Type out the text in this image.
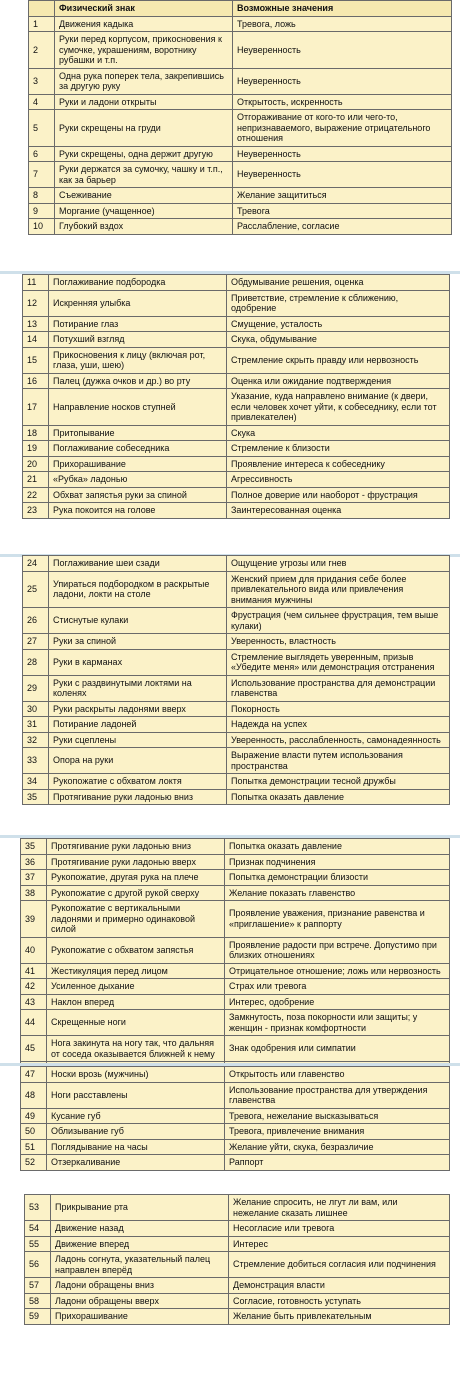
	Физический знак	Возможные значения
1	Движения кадыка	Тревога, ложь
2	Руки перед корпусом, прикосновения к сумочке, украшениям, воротнику рубашки и т.п.	Неуверенность
3	Одна рука поперек тела, закрепившись за другую руку	Неуверенность
4	Руки и ладони открыты	Открытость, искренность
5	Руки скрещены на груди	Отгораживание от кого-то или чего-то, непризнаваемого, выражение отрицательного отношения
6	Руки скрещены, одна держит другую	Неуверенность
7	Руки держатся за сумочку, чашку и т.п., как за барьер	Неуверенность
8	Съеживание	Желание защититься
9	Моргание (учащенное)	Тревога
10	Глубокий вздох	Расслабление, согласие
11	Поглаживание подбородка	Обдумывание решения, оценка
12	Искренняя улыбка	Приветствие, стремление к сближению, одобрение
13	Потирание глаз	Смущение, усталость
14	Потухший взгляд	Скука, обдумывание
15	Прикосновения к лицу (включая рот, глаза, уши, шею)	Стремление скрыть правду или нервозность
16	Палец (дужка очков и др.) во рту	Оценка или ожидание подтверждения
17	Направление носков ступней	Указание, куда направлено внимание (к двери, если человек хочет уйти, к собеседнику, если тот привлекателен)
18	Притопывание	Скука
19	Поглаживание собеседника	Стремление к близости
20	Прихорашивание	Проявление интереса к собеседнику
21	«Рубка» ладонью	Агрессивность
22	Обхват запястья руки за спиной	Полное доверие или наоборот - фрустрация
23	Рука покоится на голове	Заинтересованная оценка
24	Поглаживание шеи сзади	Ощущение угрозы или гнев
25	Упираться подбородком в раскрытые ладони, локти на столе	Женский прием для придания себе более привлекательного вида или привлечения внимания мужчины
26	Стиснутые кулаки	Фрустрация (чем сильнее фрустрация, тем выше кулаки)
27	Руки за спиной	Уверенность, властность
28	Руки в карманах	Стремление выглядеть уверенным, призыв «Убедите меня» или демонстрация отстранения
29	Руки с раздвинутыми локтями на коленях	Использование пространства для демонстрации главенства
30	Руки раскрыты ладонями вверх	Покорность
31	Потирание ладоней	Надежда на успех
32	Руки сцеплены	Уверенность, расслабленность, самонадеянность
33	Опора на руки	Выражение власти путем использования пространства
34	Рукопожатие с обхватом локтя	Попытка демонстрации тесной дружбы
35	Протягивание руки ладонью вниз	Попытка оказать давление
35	Протягивание руки ладонью вниз	Попытка оказать давление
36	Протягивание руки ладонью вверх	Признак подчинения
37	Рукопожатие, другая рука на плече	Попытка демонстрации близости
38	Рукопожатие с другой рукой сверху	Желание показать главенство
39	Рукопожатие с вертикальными ладонями и примерно одинаковой силой	Проявление уважения, признание равенства и «приглашение» к раппорту
40	Рукопожатие с обхватом запястья	Проявление радости при встрече. Допустимо при близких отношениях
41	Жестикуляция перед лицом	Отрицательное отношение; ложь или нервозность
42	Усиленное дыхание	Страх или тревога
43	Наклон вперед	Интерес, одобрение
44	Скрещенные ноги	Замкнутость, поза покорности или защиты; у женщин - признак комфортности
45	Нога закинута на ногу так, что дальняя от соседа оказывается ближней к нему	Знак одобрения или симпатии

47	Носки врозь (мужчины)	Открытость или главенство
48	Ноги расставлены	Использование пространства для утверждения главенства
49	Кусание губ	Тревога, нежелание высказываться
50	Облизывание губ	Тревога, привлечение внимания
51	Поглядывание на часы	Желание уйти, скука, безразличие
52	Отзеркаливание	Раппорт
53	Прикрывание рта	Желание спросить, не лгут ли вам, или нежелание сказать лишнее
54	Движение назад	Несогласие или тревога
55	Движение вперед	Интерес
56	Ладонь согнута, указательный палец направлен вперёд	Стремление добиться согласия или подчинения
57	Ладони обращены вниз	Демонстрация власти
58	Ладони обращены вверх	Согласие, готовность уступать
59	Прихорашивание	Желание быть привлекательным
